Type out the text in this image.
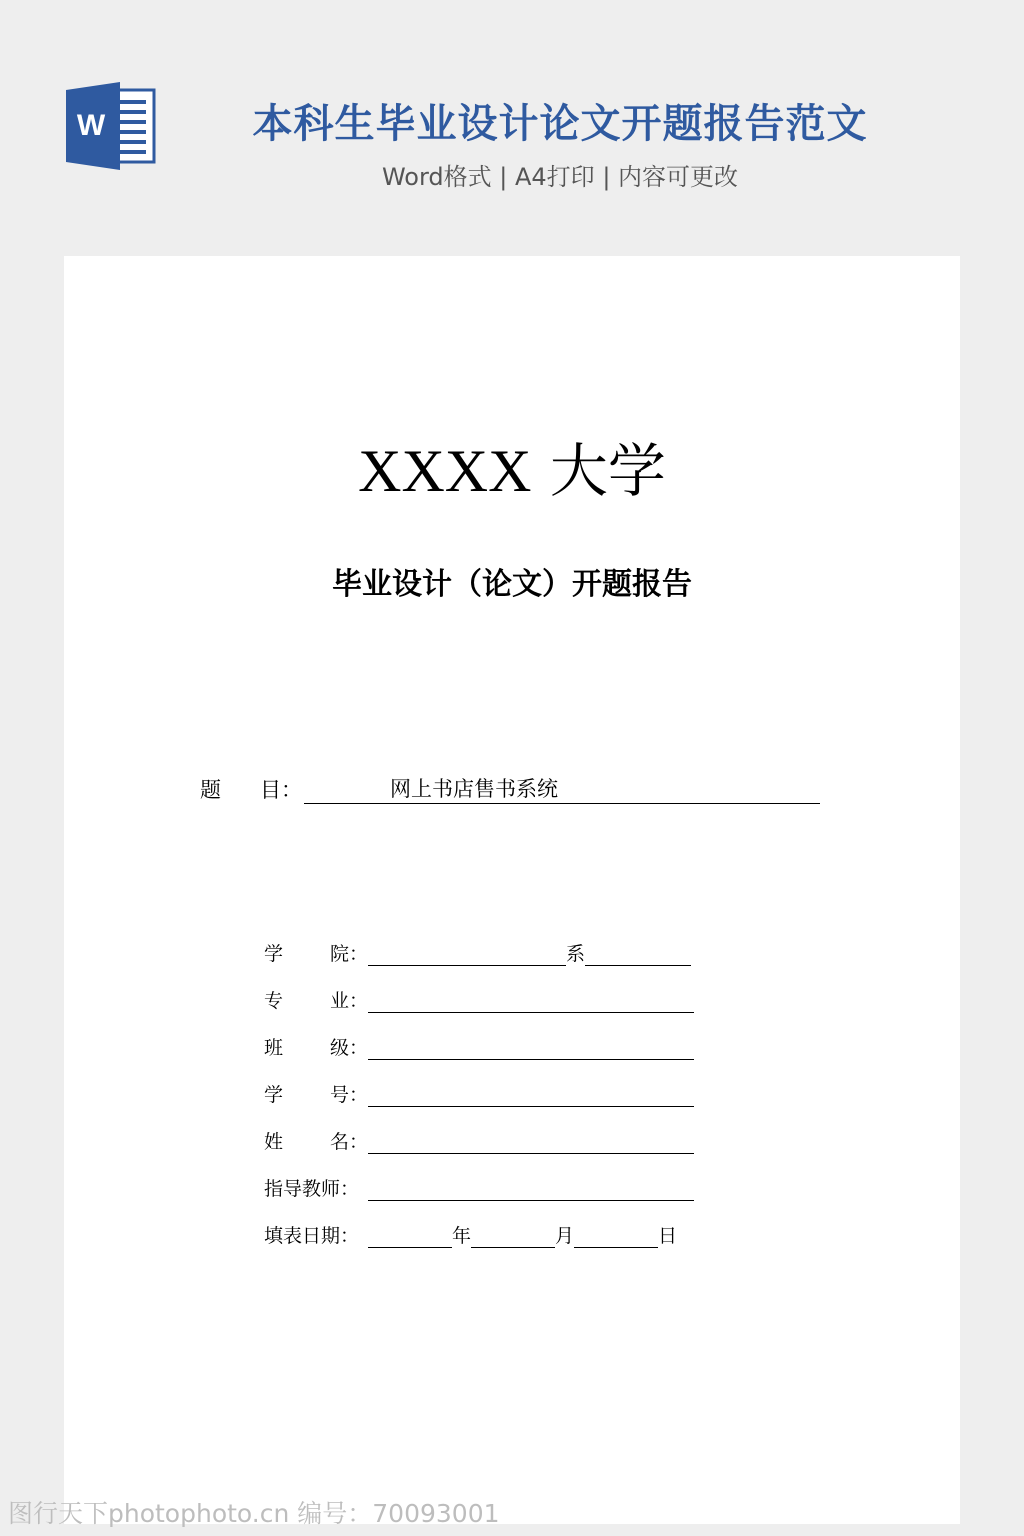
W	本科生毕业设计论文开题报告范文
Word格式 | A4打印 | 内容可更改
XXXX 大学
毕业设计（论文）开题报告
题	目：	网上书店售书系统
学 院：	系
专 业：
班 级：
学 号：
姓 名：
指导教师：
填表日期：	年	月	日
图行天下photophoto.cn 编号：70093001
